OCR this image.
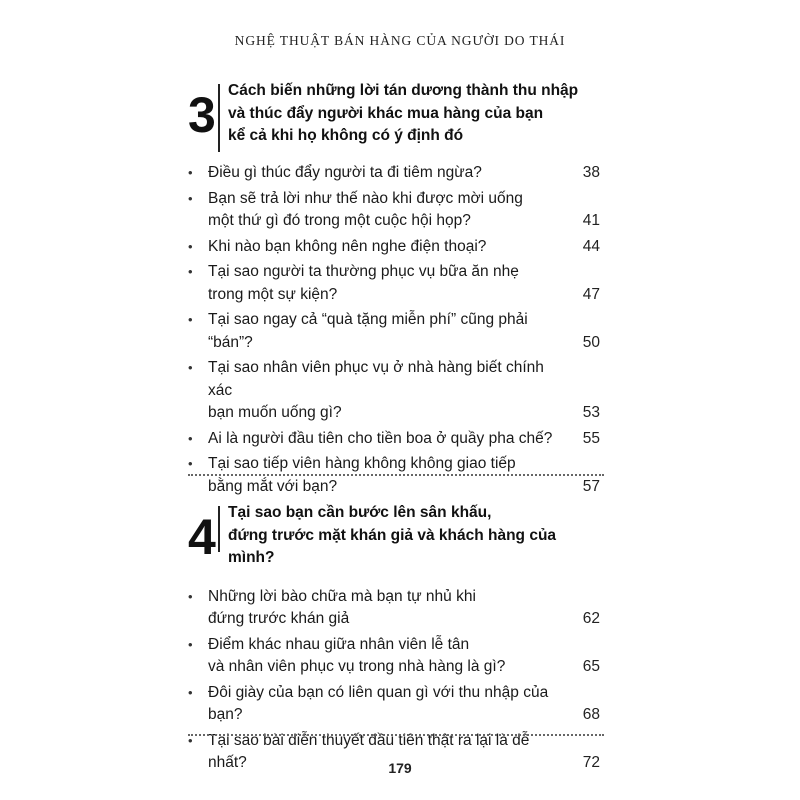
NGHỆ THUẬT BÁN HÀNG CỦA NGƯỜI DO THÁI
3 Cách biến những lời tán dương thành thu nhập
và thúc đẩy người khác mua hàng của bạn
kể cả khi họ không có ý định đó
• Điều gì thúc đẩy người ta đi tiêm ngừa?	38
• Bạn sẽ trả lời như thế nào khi được mời uống
một thứ gì đó trong một cuộc hội họp?	41
• Khi nào bạn không nên nghe điện thoại?	44
• Tại sao người ta thường phục vụ bữa ăn nhẹ
trong một sự kiện?	47
• Tại sao ngay cả “quà tặng miễn phí” cũng phải “bán”?	50
• Tại sao nhân viên phục vụ ở nhà hàng biết chính xác
bạn muốn uống gì?	53
• Ai là người đầu tiên cho tiền boa ở quầy pha chế? 55
• Tại sao tiếp viên hàng không không giao tiếp
bằng mắt với bạn?	57
4 Tại sao bạn cần bước lên sân khấu,
đứng trước mặt khán giả và khách hàng của mình?
• Những lời bào chữa mà bạn tự nhủ khi
đứng trước khán giả	62
• Điểm khác nhau giữa nhân viên lễ tân
và nhân viên phục vụ trong nhà hàng là gì?	65
• Đôi giày của bạn có liên quan gì với thu nhập của bạn?	68
• Tại sao bài diễn thuyết đầu tiên thật ra lại là dễ nhất?	72
179
